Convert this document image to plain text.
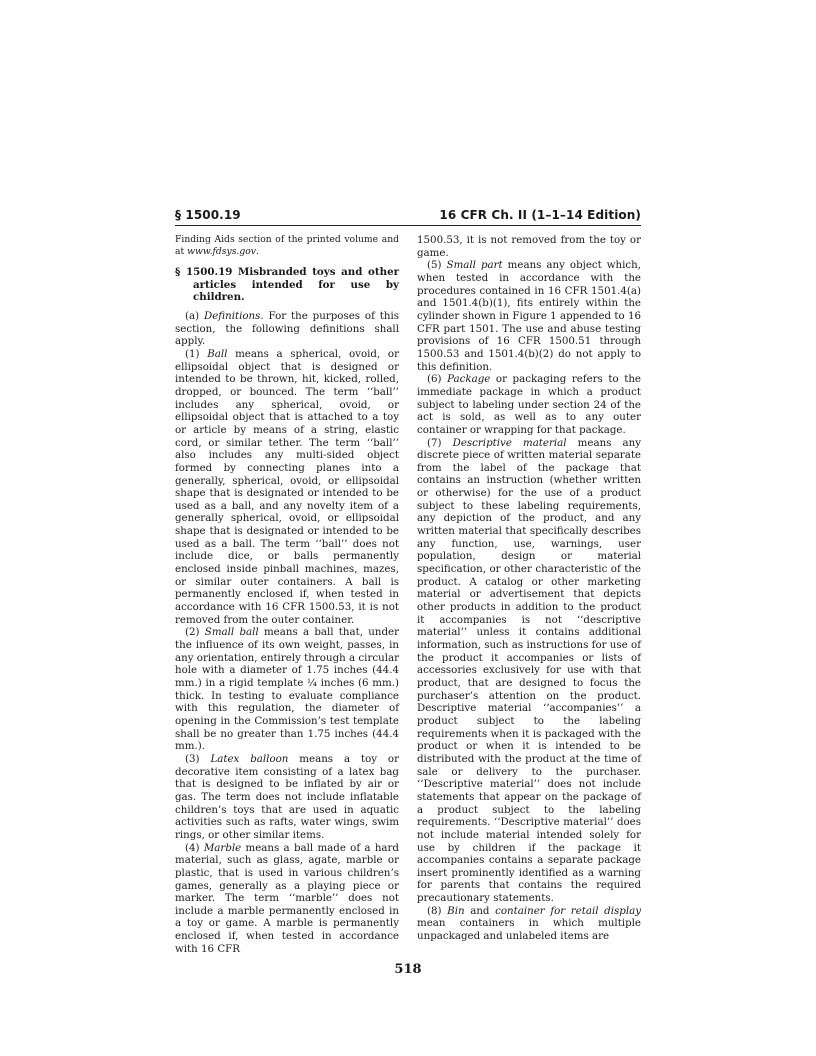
§ 1500.19	16 CFR Ch. II (1–1–14 Edition)

Finding Aids section of the printed volume and at www.fdsys.gov.

§ 1500.19 Misbranded toys and other articles intended for use by children.

(a) Definitions. For the purposes of this section, the following definitions shall apply.

(1) Ball means a spherical, ovoid, or ellipsoidal object that is designed or intended to be thrown, hit, kicked, rolled, dropped, or bounced. The term ‘‘ball’’ includes any spherical, ovoid, or ellipsoidal object that is attached to a toy or article by means of a string, elastic cord, or similar tether. The term ‘‘ball’’ also includes any multi-sided object formed by connecting planes into a generally, spherical, ovoid, or ellipsoidal shape that is designated or intended to be used as a ball, and any novelty item of a generally spherical, ovoid, or ellipsoidal shape that is designated or intended to be used as a ball. The term ‘‘ball’’ does not include dice, or balls permanently enclosed inside pinball machines, mazes, or similar outer containers. A ball is permanently enclosed if, when tested in accordance with 16 CFR 1500.53, it is not removed from the outer container.

(2) Small ball means a ball that, under the influence of its own weight, passes, in any orientation, entirely through a circular hole with a diameter of 1.75 inches (44.4 mm.) in a rigid template ¼ inches (6 mm.) thick. In testing to evaluate compliance with this regulation, the diameter of opening in the Commission’s test template shall be no greater than 1.75 inches (44.4 mm.).

(3) Latex balloon means a toy or decorative item consisting of a latex bag that is designed to be inflated by air or gas. The term does not include inflatable children’s toys that are used in aquatic activities such as rafts, water wings, swim rings, or other similar items.

(4) Marble means a ball made of a hard material, such as glass, agate, marble or plastic, that is used in various children’s games, generally as a playing piece or marker. The term ‘‘marble’’ does not include a marble permanently enclosed in a toy or game. A marble is permanently enclosed if, when tested in accordance with 16 CFR

1500.53, it is not removed from the toy or game.

(5) Small part means any object which, when tested in accordance with the procedures contained in 16 CFR 1501.4(a) and 1501.4(b)(1), fits entirely within the cylinder shown in Figure 1 appended to 16 CFR part 1501. The use and abuse testing provisions of 16 CFR 1500.51 through 1500.53 and 1501.4(b)(2) do not apply to this definition.

(6) Package or packaging refers to the immediate package in which a product subject to labeling under section 24 of the act is sold, as well as to any outer container or wrapping for that package.

(7) Descriptive material means any discrete piece of written material separate from the label of the package that contains an instruction (whether written or otherwise) for the use of a product subject to these labeling requirements, any depiction of the product, and any written material that specifically describes any function, use, warnings, user population, design or material specification, or other characteristic of the product. A catalog or other marketing material or advertisement that depicts other products in addition to the product it accompanies is not ‘‘descriptive material’’ unless it contains additional information, such as instructions for use of the product it accompanies or lists of accessories exclusively for use with that product, that are designed to focus the purchaser’s attention on the product. Descriptive material ‘‘accompanies’’ a product subject to the labeling requirements when it is packaged with the product or when it is intended to be distributed with the product at the time of sale or delivery to the purchaser. ‘‘Descriptive material’’ does not include statements that appear on the package of a product subject to the labeling requirements. ‘‘Descriptive material’’ does not include material intended solely for use by children if the package it accompanies contains a separate package insert prominently identified as a warning for parents that contains the required precautionary statements.

(8) Bin and container for retail display mean containers in which multiple unpackaged and unlabeled items are

518
